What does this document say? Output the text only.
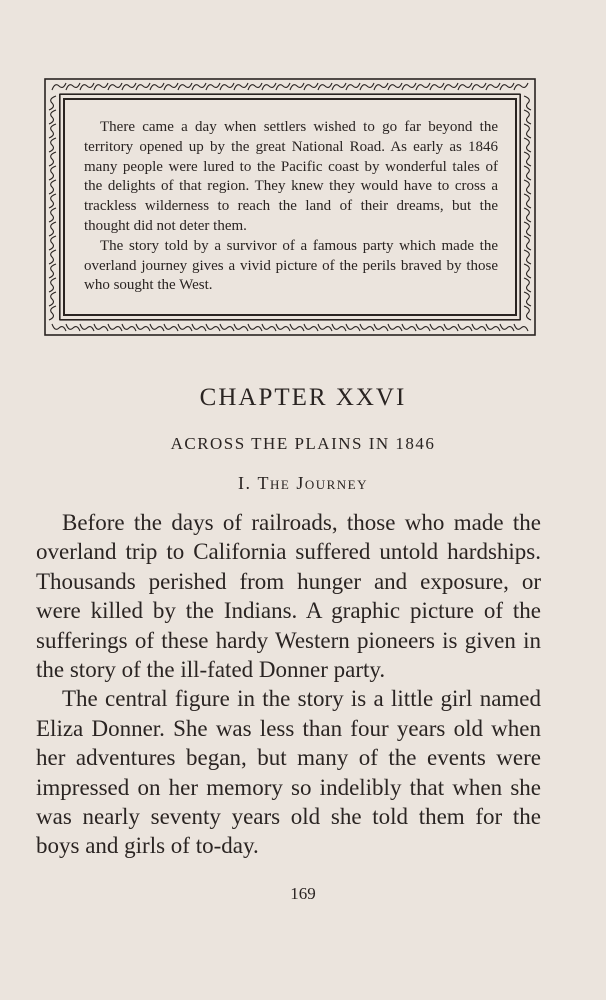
There came a day when settlers wished to go far beyond the territory opened up by the great National Road. As early as 1846 many people were lured to the Pacific coast by wonderful tales of the delights of that region. They knew they would have to cross a trackless wilderness to reach the land of their dreams, but the thought did not deter them.

The story told by a survivor of a famous party which made the overland journey gives a vivid picture of the perils braved by those who sought the West.

CHAPTER XXVI
ACROSS THE PLAINS IN 1846
I. The Journey

Before the days of railroads, those who made the overland trip to California suffered untold hardships. Thousands perished from hunger and exposure, or were killed by the Indians. A graphic picture of the sufferings of these hardy Western pioneers is given in the story of the ill-fated Donner party.

The central figure in the story is a little girl named Eliza Donner. She was less than four years old when her adventures began, but many of the events were impressed on her memory so indelibly that when she was nearly seventy years old she told them for the boys and girls of to-day.

169
